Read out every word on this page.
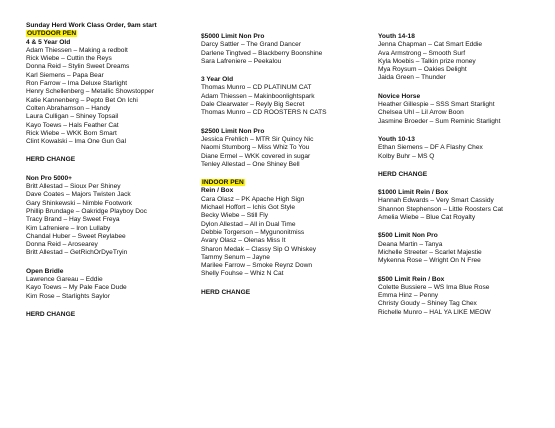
Sunday Herd Work Class Order, 9am start
OUTDOOR PEN
4 & 5 Year Old
Adam Thiessen – Making a redbolt
Rick Wiebe – Cuttin the Reys
Donna Reid – Stylin Sweet Dreams
Karl Siemens – Papa Bear
Ron Farrow – Ima Deluxe Starlight
Henry Schellenberg – Metallic Showstopper
Katie Kannenberg – Pepto Bet On Ichi
Colten Abrahamson – Handy
Laura Culligan – Shiney Topsail
Kayo Toews – Hals Feather Cat
Rick Wiebe – WKK Born Smart
Clint Kowalski – Ima One Gun Gal
HERD CHANGE
Non Pro 5000+
Britt Allestad – Sioux Per Shiney
Dave Coates – Majors Twisten Jack
Gary Shinkewski – Nimble Footwork
Phillip Brundage – Oakridge Playboy Doc
Tracy Brand – Hay Sweet Freya
Kim Lafreniere – Iron Lullaby
Chandal Huber – Sweet Reylabee
Donna Reid – Arosearey
Britt Allestad – GetRichOrDyeTryin
Open Bridle
Lawrence Gareau – Eddie
Kayo Toews – My Pale Face Dude
Kim Rose – Starlights Saylor
HERD CHANGE
$5000 Limit Non Pro
Darcy Sattler – The Grand Dancer
Darlene Tingtved – Blackberry Boonshine
Sara Lafreniere – Peekalou
3 Year Old
Thomas Munro – CD PLATINUM CAT
Adam Thiessen – Makinboonlightspark
Dale Clearwater – Reyly Big Secret
Thomas Munro – CD ROOSTERS N CATS
$2500 Limit Non Pro
Jessica Frehlich – MTR Sir Quincy Nic
Naomi Stumborg – Miss Whiz To You
Diane Ermel – WKK covered in sugar
Tenley Allestad – One Shiney Bell
INDOOR PEN
Rein / Box
Cara Olasz – PK Apache High Sign
Michael Hoffort – Ichis Got Style
Becky Wiebe – Still Fly
Dylon Allestad – All in Dual Time
Debbie Torgerson – Mygunonitmiss
Avary Olasz – Olenas Miss It
Sharon Medak – Classy Sip O Whiskey
Tammy Senum – Jayne
Marilee Farrow – Smoke Reynz Down
Shelly Fouhse – Whiz N Cat
HERD CHANGE
Youth 14-18
Jenna Chapman – Cat Smart Eddie
Ava Armstrong – Smooth Surf
Kyla Moebis – Talkin prize money
Mya Roysum – Oakies Delight
Jaida Green – Thunder
Novice Horse
Heather Gillespie – SSS Smart Starlight
Chelsea Uhl – Lil Arrow Boon
Jasmine Broeder – Sum Reminic Starlight
Youth 10-13
Ethan Siemens – DF A Flashy Chex
Kolby Buhr – MS Q
HERD CHANGE
$1000 Limit Rein / Box
Hannah Edwards – Very Smart Cassidy
Shannon Stephenson – Little Roosters Cat
Amelia Wiebe – Blue Cat Royalty
$500 Limit Non Pro
Deana Martin – Tanya
Michelle Streeter – Scarlet Majestie
Mykenna Rose – Wright On N Free
$500 Limit Rein / Box
Colette Bussiere – WS Ima Blue Rose
Emma Hinz – Penny
Christy Goudy – Shiney Tag Chex
Richelle Munro – HAL YA LIKE MEOW
